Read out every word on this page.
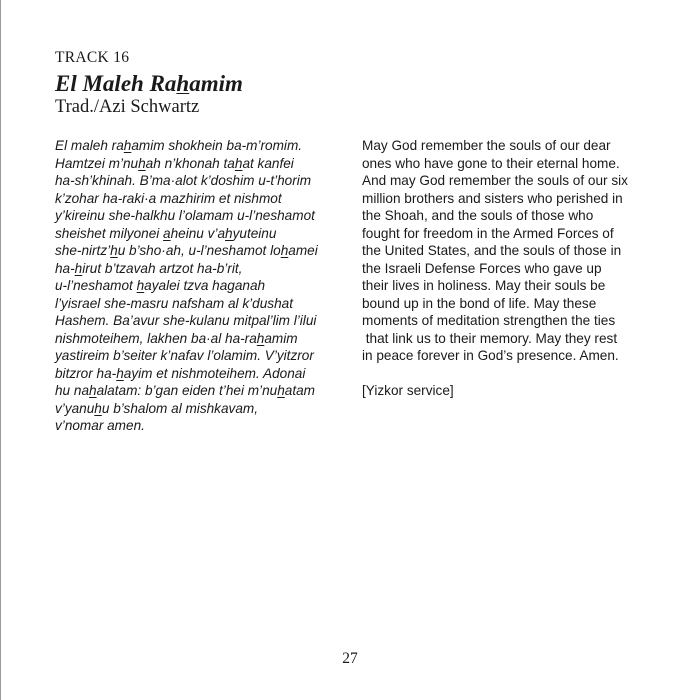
TRACK 16
El Maleh Rahamim
Trad./Azi Schwartz
El maleh rahamim shokhein ba-m’romim.
Hamtzei m’nuhah n’khonah tahat kanfei
ha-sh’khinah. B’ma·alot k’doshim u-t’horim
k’zohar ha-raki·a mazhirim et nishmot
y’kireinu she-halkhu l’olamam u-l’neshamot
sheishet milyonei aheinu v’ahyuteinu
she-nirtz’hu b’sho·ah, u-l’neshamot lohamei
ha-hirut b’tzavah artzot ha-b’rit,
u-l’neshamot hayalei tzva haganah
l’yisrael she-masru nafsham al k’dushat
Hashem. Ba’avur she-kulanu mitpal’lim l’ilui
nishmoteihem, lakhen ba·al ha-rahamim
yastireim b’seiter k’nafav l’olamim. V’yitzror
bitzror ha-hayim et nishmoteihem. Adonai
hu nahalatam: b’gan eiden t’hei m’nuhatam
v’yanuhu b’shalom al mishkavam,
v’nomar amen.
May God remember the souls of our dear
ones who have gone to their eternal home.
And may God remember the souls of our six
million brothers and sisters who perished in
the Shoah, and the souls of those who
fought for freedom in the Armed Forces of
the United States, and the souls of those in
the Israeli Defense Forces who gave up
their lives in holiness. May their souls be
bound up in the bond of life. May these
moments of meditation strengthen the ties
that link us to their memory. May they rest
in peace forever in God’s presence. Amen.
[Yizkor service]
27
